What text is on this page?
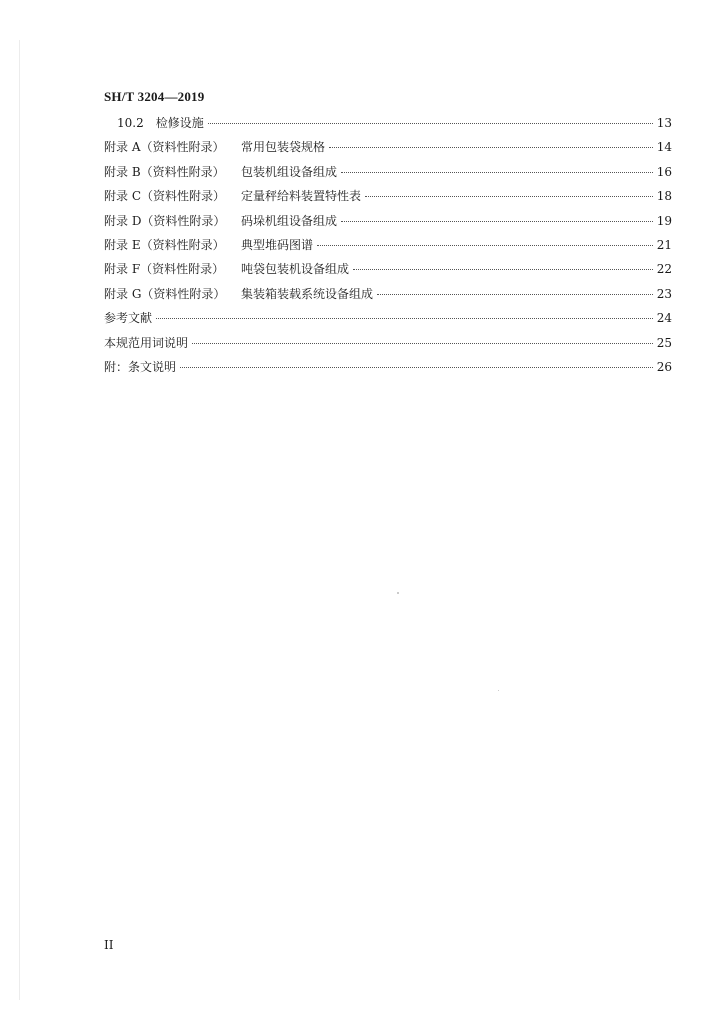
SH/T 3204—2019
10.2 检修设施	13
附录 A（资料性附录）	常用包装袋规格	14
附录 B（资料性附录）	包装机组设备组成	16
附录 C（资料性附录）	定量秤给料装置特性表	18
附录 D（资料性附录）	码垛机组设备组成	19
附录 E（资料性附录）	典型堆码图谱	21
附录 F（资料性附录）	吨袋包装机设备组成	22
附录 G（资料性附录）	集装箱装载系统设备组成	23
参考文献	24
本规范用词说明	25
附：条文说明	26
II
